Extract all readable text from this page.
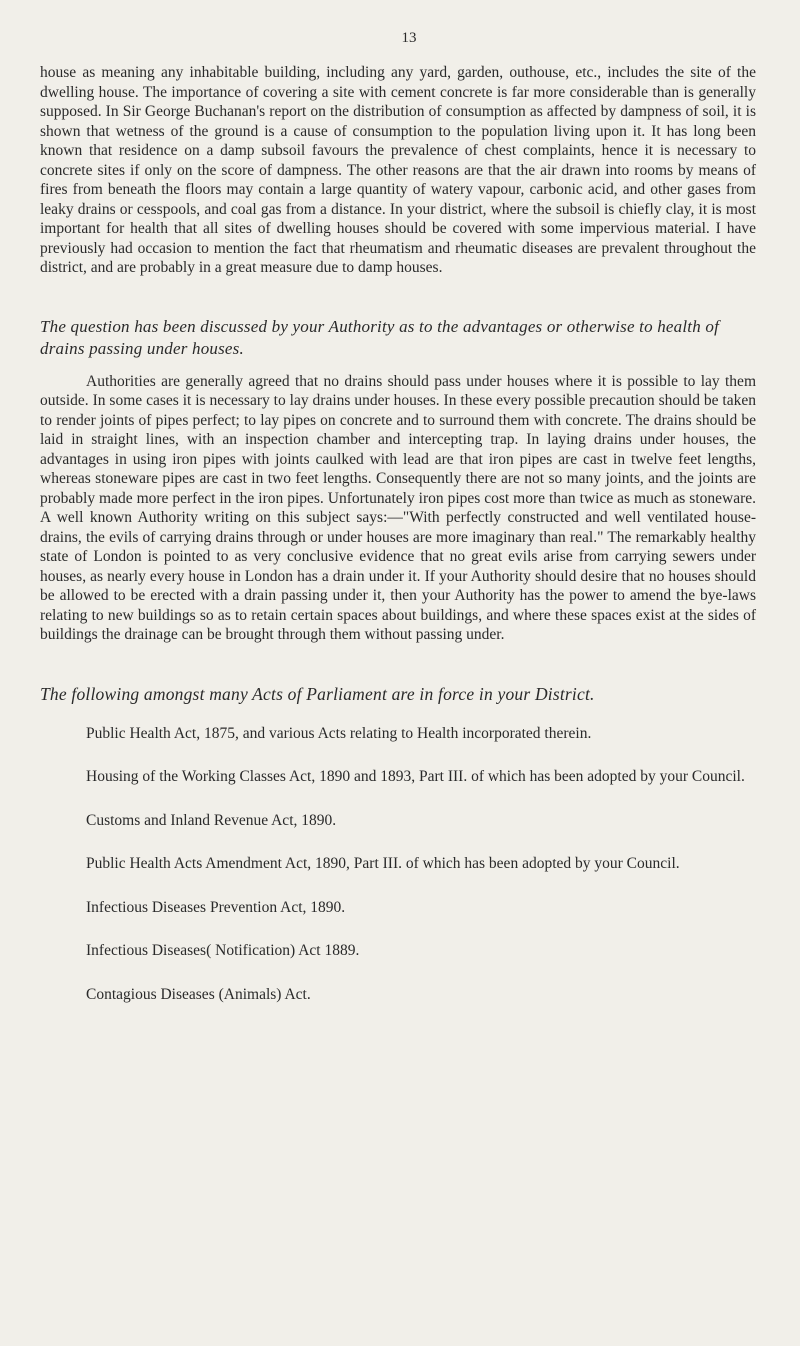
13

house as meaning any inhabitable building, including any yard, garden, outhouse, etc., includes the site of the dwelling house. The importance of covering a site with cement concrete is far more considerable than is generally supposed. In Sir George Buchanan's report on the distribution of consumption as affected by dampness of soil, it is shown that wetness of the ground is a cause of consumption to the population living upon it. It has long been known that residence on a damp subsoil favours the prevalence of chest complaints, hence it is necessary to concrete sites if only on the score of dampness. The other reasons are that the air drawn into rooms by means of fires from beneath the floors may contain a large quantity of watery vapour, carbonic acid, and other gases from leaky drains or cesspools, and coal gas from a distance. In your district, where the subsoil is chiefly clay, it is most important for health that all sites of dwelling houses should be covered with some impervious material. I have previously had occasion to mention the fact that rheumatism and rheumatic diseases are prevalent throughout the district, and are probably in a great measure due to damp houses.

The question has been discussed by your Authority as to the advantages or otherwise to health of drains passing under houses.

Authorities are generally agreed that no drains should pass under houses where it is possible to lay them outside. In some cases it is necessary to lay drains under houses. In these every possible precaution should be taken to render joints of pipes perfect; to lay pipes on concrete and to surround them with concrete. The drains should be laid in straight lines, with an inspection chamber and intercepting trap. In laying drains under houses, the advantages in using iron pipes with joints caulked with lead are that iron pipes are cast in twelve feet lengths, whereas stoneware pipes are cast in two feet lengths. Consequently there are not so many joints, and the joints are probably made more perfect in the iron pipes. Unfortunately iron pipes cost more than twice as much as stoneware. A well known Authority writing on this subject says:—"With perfectly constructed and well ventilated house-drains, the evils of carrying drains through or under houses are more imaginary than real." The remarkably healthy state of London is pointed to as very conclusive evidence that no great evils arise from carrying sewers under houses, as nearly every house in London has a drain under it. If your Authority should desire that no houses should be allowed to be erected with a drain passing under it, then your Authority has the power to amend the bye-laws relating to new buildings so as to retain certain spaces about buildings, and where these spaces exist at the sides of buildings the drainage can be brought through them without passing under.

The following amongst many Acts of Parliament are in force in your District.

Public Health Act, 1875, and various Acts relating to Health incorporated therein.

Housing of the Working Classes Act, 1890 and 1893, Part III. of which has been adopted by your Council.

Customs and Inland Revenue Act, 1890.

Public Health Acts Amendment Act, 1890, Part III. of which has been adopted by your Council.

Infectious Diseases Prevention Act, 1890.

Infectious Diseases( Notification) Act 1889.

Contagious Diseases (Animals) Act.
